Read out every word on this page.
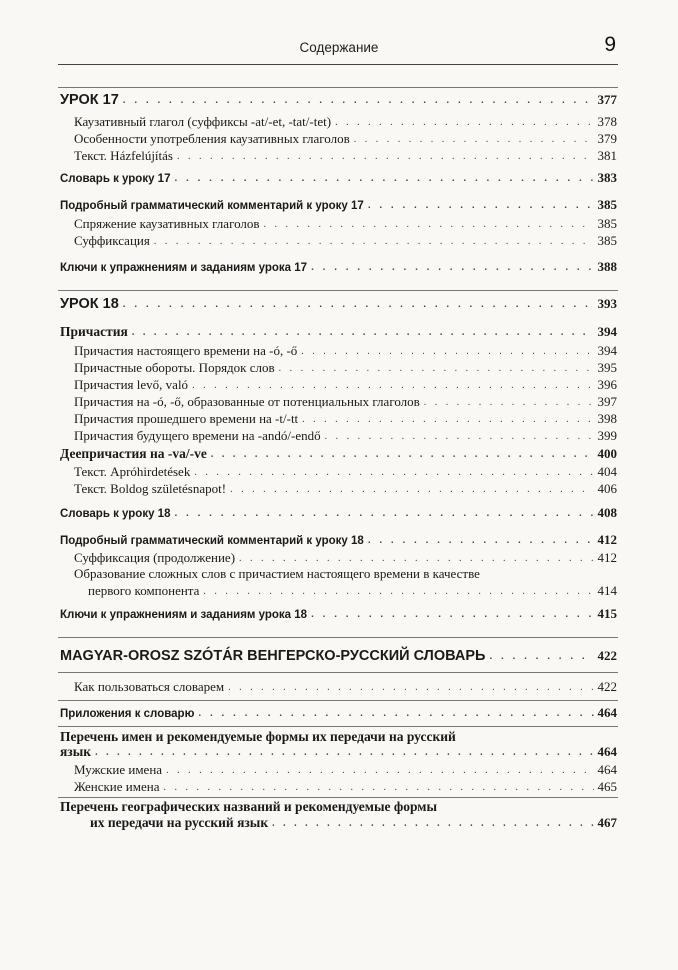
Содержание	9
УРОК 17 . . .	377
Каузативный глагол (суффиксы -at/-et, -tat/-tet) . . .	378
Особенности употребления каузативных глаголов . . .	379
Текст. Házfelújítás . . .	381
Словарь к уроку 17 . . .	383
Подробный грамматический комментарий к уроку 17 . . .	385
Спряжение каузативных глаголов . . .	385
Суффиксация . . .	385
Ключи к упражнениям и заданиям урока 17 . . .	388
УРОК 18 . . .	393
Причастия . . .	394
Причастия настоящего времени на -ó, -ő . . .	394
Причастные обороты. Порядок слов . . .	395
Причастия levő, való . . .	396
Причастия на -ó, -ő, образованные от потенциальных глаголов . . .	397
Причастия прошедшего времени на -t/-tt . . .	398
Причастия будущего времени на -andó/-endő . . .	399
Деепричастия на -va/-ve . . .	400
Текст. Apróhirdetések . . .	404
Текст. Boldog születésnapot! . . .	406
Словарь к уроку 18 . . .	408
Подробный грамматический комментарий к уроку 18 . . .	412
Суффиксация (продолжение) . . .	412
Образование сложных слов с причастием настоящего времени в качестве
первого компонента . . .	414
Ключи к упражнениям и заданиям урока 18 . . .	415
MAGYAR-OROSZ SZÓTÁR ВЕНГЕРСКО-РУССКИЙ СЛОВАРЬ . . .	422
Как пользоваться словарем . . .	422
Приложения к словарю . . .	464
Перечень имен и рекомендуемые формы их передачи на русский
язык . . .	464
Мужские имена . . .	464
Женские имена . . .	465
Перечень географических названий и рекомендуемые формы
их передачи на русский язык . . .	467
